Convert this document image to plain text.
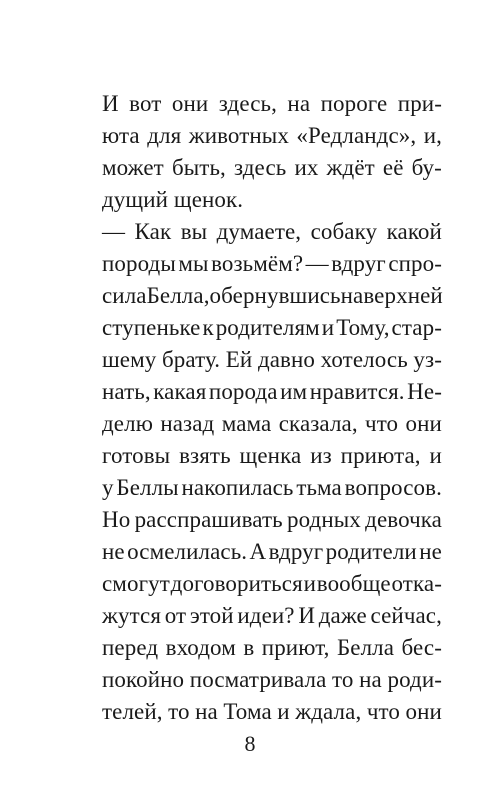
И вот они здесь, на пороге при-
юта для животных «Редландс», и,
может быть, здесь их ждёт её бу-
дущий щенок.
— Как вы думаете, собаку какой
породы мы возьмём? — вдруг спро-
сила Белла, обернувшись на верхней
ступеньке к родителям и Тому, стар-
шему брату. Ей давно хотелось уз-
нать, какая порода им нравится. Не-
делю назад мама сказала, что они
готовы взять щенка из приюта, и
у Беллы накопилась тьма вопросов.
Но расспрашивать родных девочка
не осмелилась. А вдруг родители не
смогут договориться и вообще отка-
жутся от этой идеи? И даже сейчас,
перед входом в приют, Белла бес-
покойно посматривала то на роди-
телей, то на Тома и ждала, что они
8
